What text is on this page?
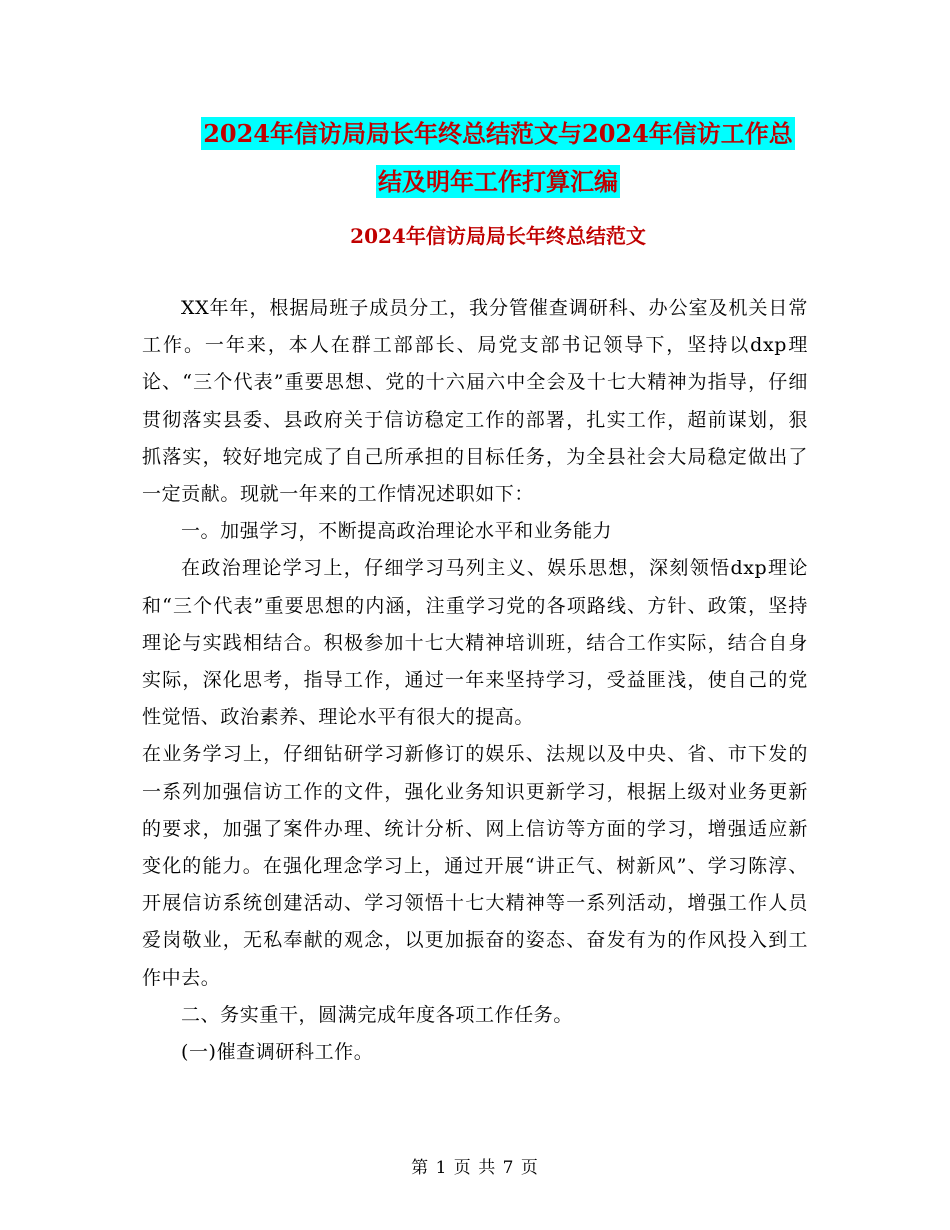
2024年信访局局长年终总结范文与2024年信访工作总
结及明年工作打算汇编
2024年信访局局长年终总结范文

XX年年，根据局班子成员分工，我分管催查调研科、办公室及机关日常工作。一年来，本人在群工部部长、局党支部书记领导下，坚持以dxp理论、“三个代表”重要思想、党的十六届六中全会及十七大精神为指导，仔细贯彻落实县委、县政府关于信访稳定工作的部署，扎实工作，超前谋划，狠抓落实，较好地完成了自己所承担的目标任务，为全县社会大局稳定做出了一定贡献。现就一年来的工作情况述职如下：

一。加强学习，不断提高政治理论水平和业务能力

在政治理论学习上，仔细学习马列主义、娱乐思想，深刻领悟dxp理论和“三个代表”重要思想的内涵，注重学习党的各项路线、方针、政策，坚持理论与实践相结合。积极参加十七大精神培训班，结合工作实际，结合自身实际，深化思考，指导工作，通过一年来坚持学习，受益匪浅，使自己的党性觉悟、政治素养、理论水平有很大的提高。

在业务学习上，仔细钻研学习新修订的娱乐、法规以及中央、省、市下发的一系列加强信访工作的文件，强化业务知识更新学习，根据上级对业务更新的要求，加强了案件办理、统计分析、网上信访等方面的学习，增强适应新变化的能力。在强化理念学习上，通过开展“讲正气、树新风”、学习陈淳、开展信访系统创建活动、学习领悟十七大精神等一系列活动，增强工作人员爱岗敬业，无私奉献的观念，以更加振奋的姿态、奋发有为的作风投入到工作中去。

二、务实重干，圆满完成年度各项工作任务。

(一)催查调研科工作。

第 1 页 共 7 页
